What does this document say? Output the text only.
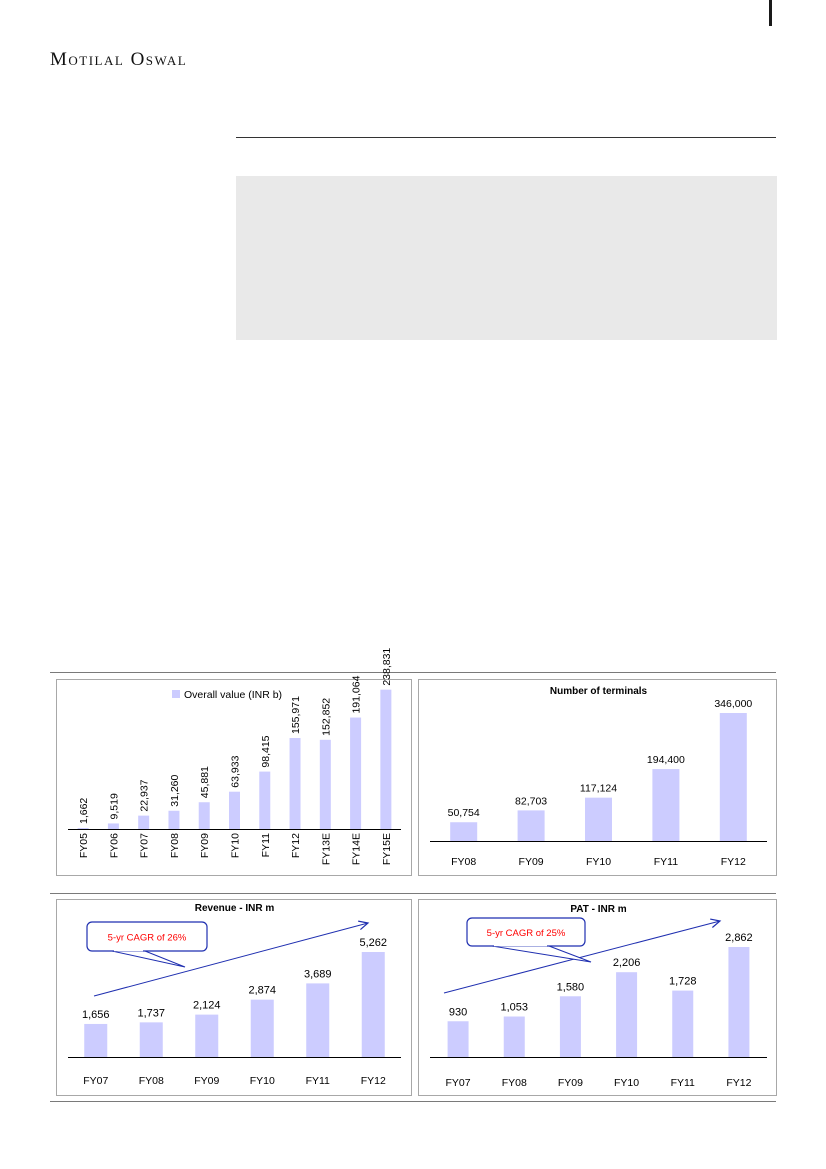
Motilal Oswal
1,662
FY05
9,519
FY06
22,937
FY07
31,260
FY08
45,881
FY09
63,933
FY10
98,415
FY11
155,971
FY12
152,852
FY13E
191,064
FY14E
238,831
FY15E
Overall value (INR b)
50,754
FY08
82,703
FY09
117,124
FY10
194,400
FY11
346,000
FY12
Number of terminals
1,656
FY07
1,737
FY08
2,124
FY09
2,874
FY10
3,689
FY11
5,262
FY12
Revenue - INR m
5-yr CAGR of 26%
930
FY07
1,053
FY08
1,580
FY09
2,206
FY10
1,728
FY11
2,862
FY12
PAT - INR m
5-yr CAGR of 25%
